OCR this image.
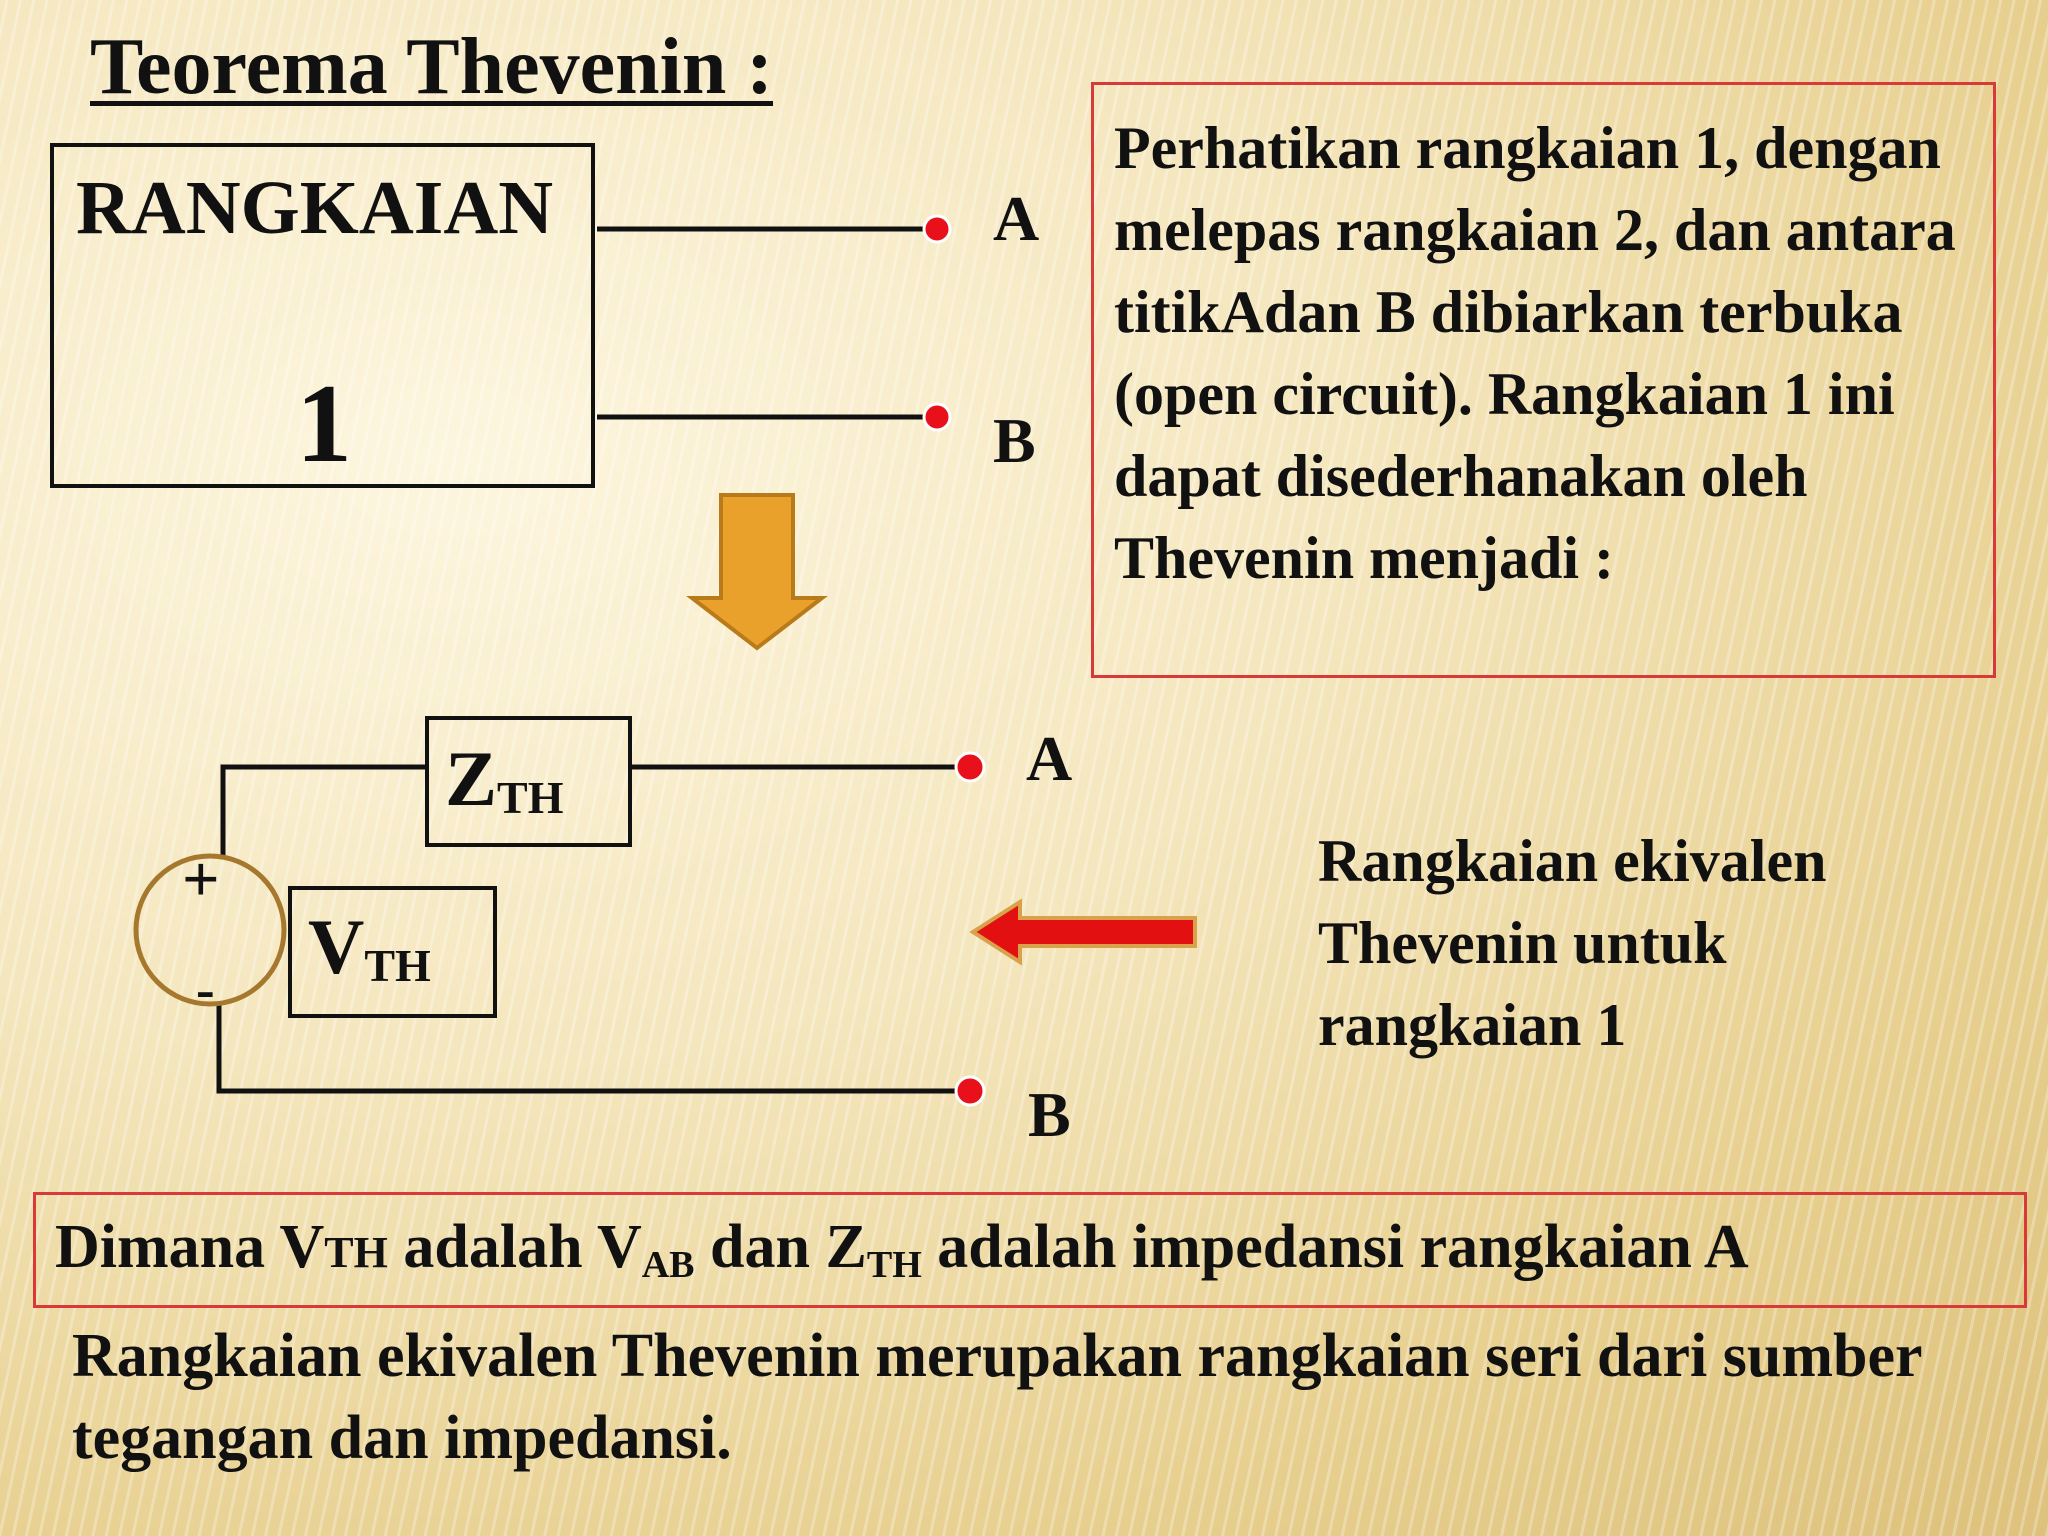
Teorema Thevenin :
RANGKAIAN
1
A
B

Perhatikan rangkaian 1, dengan melepas rangkaian 2, dan antara titikAdan B dibiarkan terbuka (open circuit). Rangkaian 1 ini dapat disederhanakan oleh Thevenin menjadi :

$Z_{TH}$
$V_{TH}$
+
-
A
B

Rangkaian ekivalen Thevenin untuk rangkaian 1

Dimana VTH adalah $V_{AB}$ dan $Z_{TH}$ adalah impedansi rangkaian A

Rangkaian ekivalen Thevenin merupakan rangkaian seri dari sumber tegangan dan impedansi.
